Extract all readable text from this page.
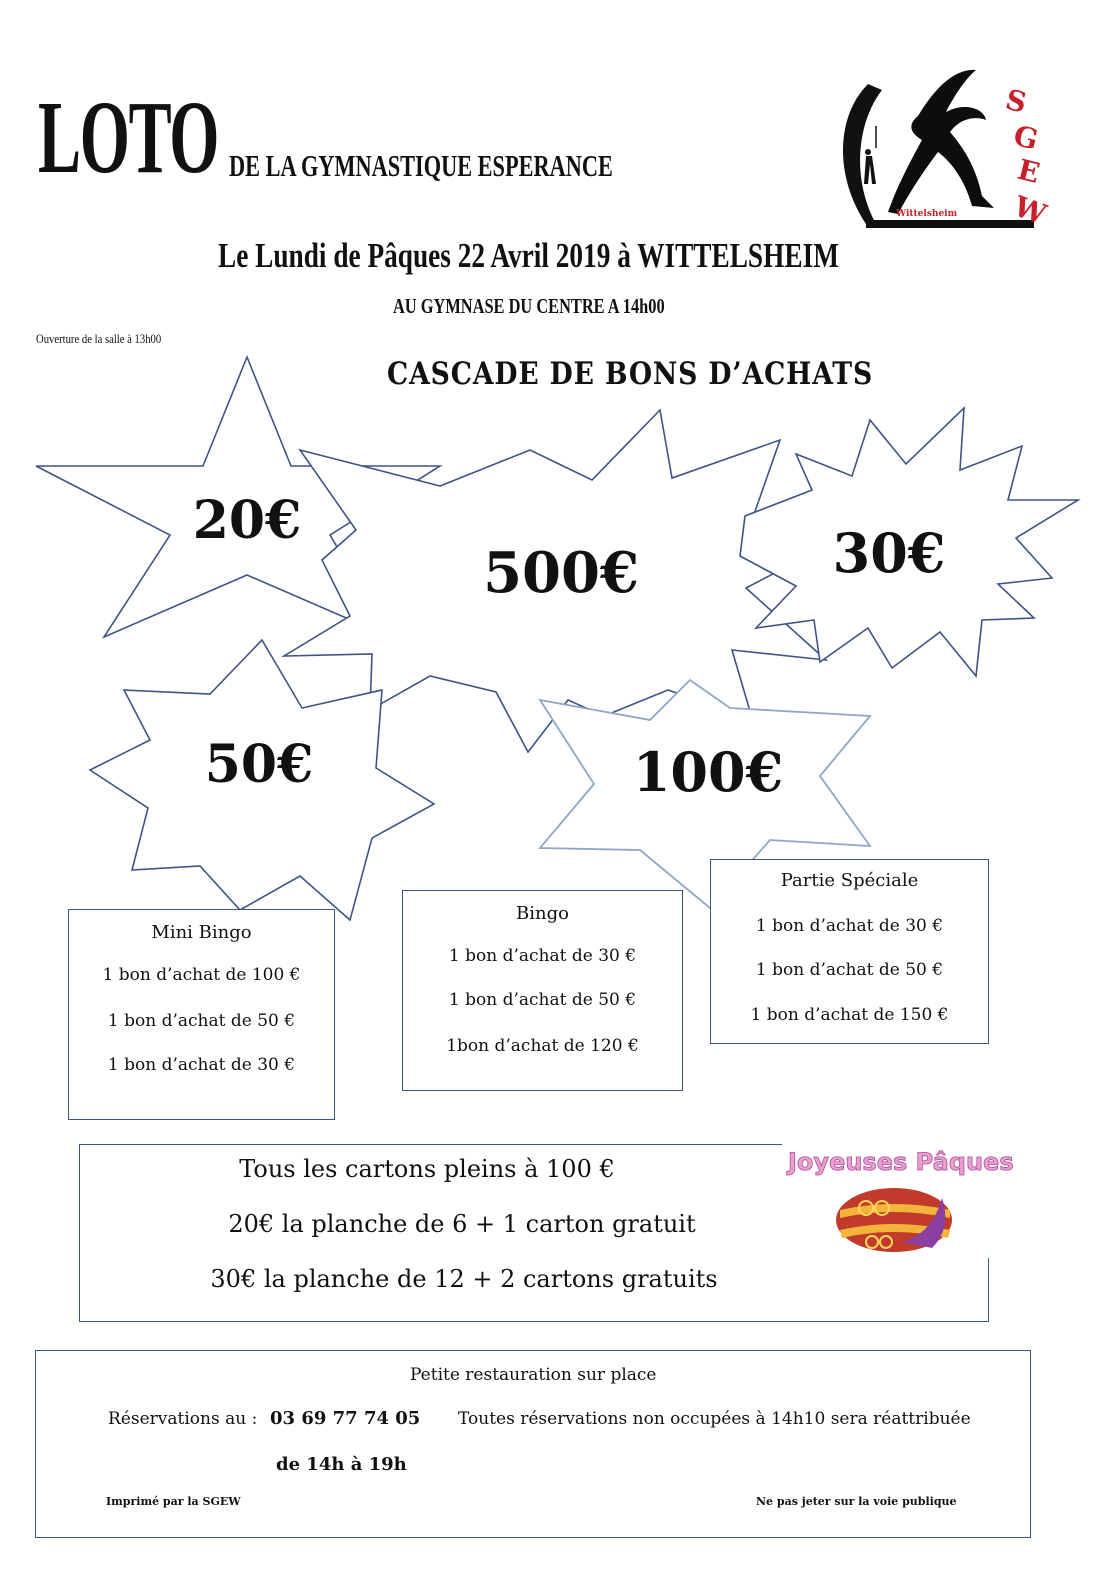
LOTO DE LA GYMNASTIQUE ESPERANCE
Le Lundi de Pâques 22 Avril 2019 à WITTELSHEIM
AU GYMNASE DU CENTRE A 14h00
Ouverture de la salle à 13h00
S
G
E
W
Wittelsheim
CASCADE DE BONS D’ACHATS
20€
500€	30€
50€	100€
Mini Bingo
1 bon d’achat de 100 €
1 bon d’achat de 50 €
1 bon d’achat de 30 €
Bingo
1 bon d’achat de 30 €
1 bon d’achat de 50 €
1bon d’achat de 120 €
Partie Spéciale
1 bon d’achat de 30 €
1 bon d’achat de 50 €
1 bon d’achat de 150 €
Tous les cartons pleins à 100 €
20€ la planche de 6 + 1 carton gratuit
30€ la planche de 12 + 2 cartons gratuits
Joyeuses Pâques
Petite restauration sur place
Réservations au : 03 69 77 74 05 Toutes réservations non occupées à 14h10 sera réattribuée
de 14h à 19h
Imprimé par la SGEW	Ne pas jeter sur la voie publique
